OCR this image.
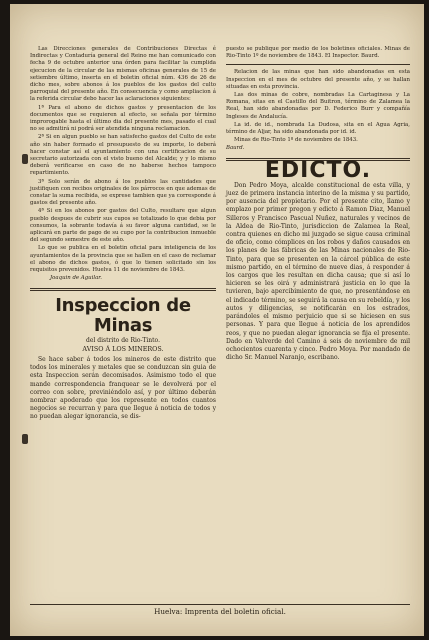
Las Direcciones generales de Contribuciones Directas é Indirectas y Contaduría general del Reino me han comunicado con fecha 9 de octubre anterior una órden para facilitar la cumplida ejecucion de la circular de las mismas oficinas generales de 15 de setiembre último, inserta en el boletin oficial núm. 436 de 26 de dicho mes, sobre abonos á los pueblos de los gastos del culto parroquial del presente año. En consecuencia y como ampliacion á la referida circular debo hacer las aclaraciones siguientes:

1ª Para el abono de dichos gastos y presentacion de los documentos que se requieren al efecto, se señala por término improrogable hasta el último dia del presente mes, pasado el cual no se admitirá ni podrá ser atendida ninguna reclamacion.

2ª Si en algun pueblo se han satisfecho gastos del Culto de este año sin haber formado el presupuesto de su importe, lo deberá hacer constar así el ayuntamiento con una certificacion de su secretario autorizada con el visto bueno del Alcalde; y y lo mismo deberá verificarse en caso de no haberse hechos tampoco repartimiento.

3ª Solo serán de abono á los pueblos las cantidades que justifiquen con recibos originales de los párrocos en que ademas de constar la suma recibida, se exprese tambien que ya corresponde á gastos del presente año.

4ª Si en los abonos por gastos del Culto, resultare que algun pueblo despues de cubrir sus cupos se totalizado lo que debia por consumos, la sobrante todavía á su favor alguna cantidad, se le aplicará en parte de pago de su cupo por la contribucion inmueble del segundo semestre de este año.

Lo que se publica en el boletin oficial para inteligencia de los ayuntamientos de la provincia que se hallen en el caso de reclamar el abono de dichos gastos, ó que lo tienen solicitado sin los requisitos prevenidos. Huelva 11 de noviembre de 1843.

Joaquin de Aguilar.

Inspeccion de Minas
del distrito de Rio-Tinto.
AVISO Á LOS MINEROS.

Se hace saber á todos los mineros de este distrito que todos los minerales y metales que se conduzcan sin guia de esta Inspeccion serán decomisados. Asimismo todo el que mande correspondencia franquear se le devolverá por el correo con sobre, previniéndolo así, y por último deberán nombrar apoderado que los represente en todos cuantos negocios se recurran y para que llegue á noticia de todos y no puedan alegar ignorancia, se dis-

puesto se publique por medio de los boletines oficiales. Minas de Rio-Tinto 1º de noviembre de 1843. El Inspector. Baurd.

Relacion de las minas que han sido abandonadas en esta Inspeccion en el mes de octubre del presente año, y se hallan situadas en esta provincia.

Las dos minas de cobre, nombradas La Cartaginesa y La Romana, sitas en el Castillo del Buitron, término de Zalamea la Real, han sido abandonadas por D. Federico Burr y compañía Ingleses de Andalucía.

La id. de id., nombrada La Dudosa, sita en el Agua Agria, término de Aljar, ha sido abandonada por id. id.

Minas de Rio-Tinto 1º de noviembre de 1843.

Baurd.

EDICTO.

Don Pedro Moya, alcalde constitucional de esta villa, y juez de primera instancia interino de la misma y su partido, por ausencia del propietario. Por el presente cito, llamo y emplazo por primer pregon y edicto á Ramon Diaz, Manuel Silleros y Francisco Pascual Nuñez, naturales y vecinos de la Aldea de Rio-Tinto, jurisdiccion de Zalamea la Real, contra quienes en dicho mi juzgado se sigue causa criminal de oficio, como cómplices en los robos y daños causados en los planes de las fábricas de las Minas nacionales de Rio-Tinto, para que se presenten en la cárcel pública de este mismo partido, en el término de nueve dias, á responder á los cargos que les resultan en dicha causa; que si así lo hicieren se les oirá y administrará justicia en lo que la tuvieren, bajo apercibimiento de que, no presentándose en el indicado término, se seguirá la causa en su rebeldía, y los autos y diligencias, se notificarán en los estrados, parándoles el mismo perjuicio que si se hiciesen en sus personas. Y para que llegue á noticia de los aprendidos reos, y que no puedan alegar ignorancia se fija el presente. Dado en Valverde del Camino á seis de noviembre de mil ochocientos cuarenta y cinco. Pedro Moya. Por mandado de dicho Sr. Manuel Naranjo, escribano.

Huelva: Imprenta del boletin oficial.
